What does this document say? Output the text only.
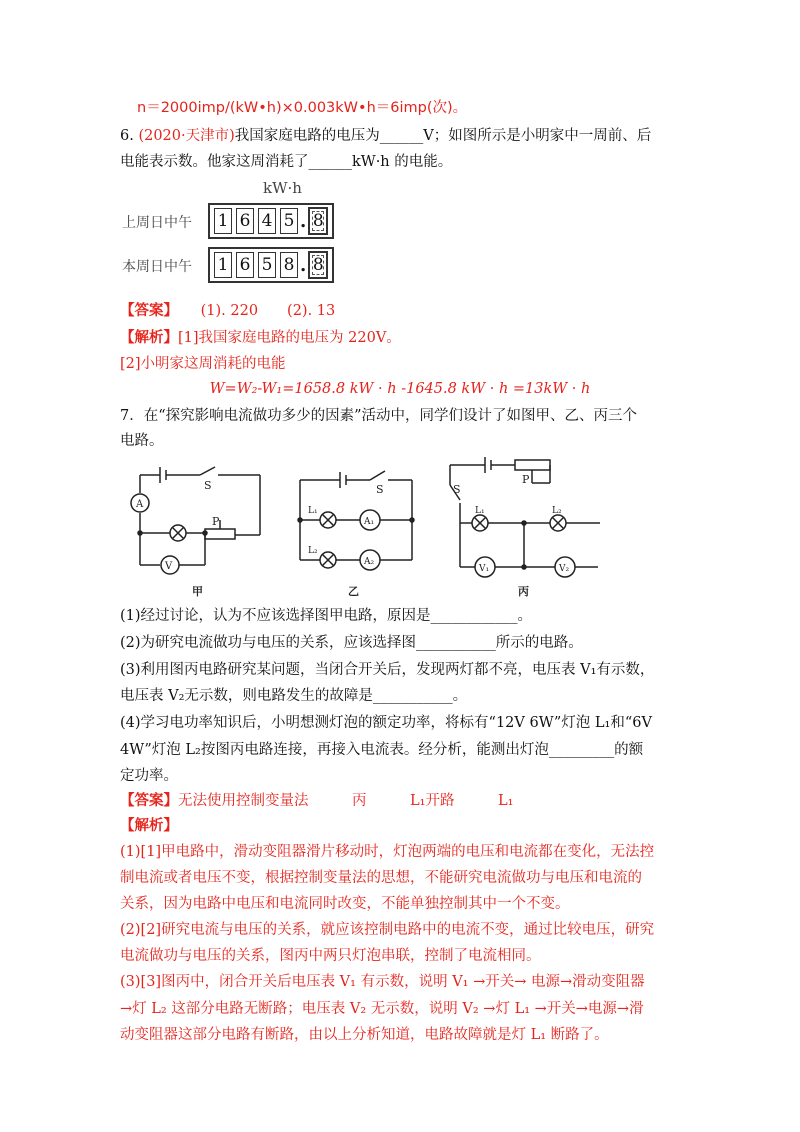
n＝2000imp/(kW•h)×0.003kW•h＝6imp(次)。
6. (2020·天津市)我国家庭电路的电压为______V；如图所示是小明家中一周前、后
电能表示数。他家这周消耗了______kW·h 的电能。
kW·h
上周日中午 1 6 4 5 . 8
本周日中午 1 6 5 8 . 8
【答案】 (1). 220　　(2). 13
【解析】[1]我国家庭电路的电压为 220V。
[2]小明家这周消耗的电能
W=W₂-W₁=1658.8 kW · h -1645.8 kW · h =13kW · h
7．在“探究影响电流做功多少的因素”活动中，同学们设计了如图甲、乙、丙三个
电路。
A
V
S
P
甲
S
L₁
L₂
A₁
A₂
乙
S
P
L₁	L₂
V₁	V₂
丙
(1)经过讨论，认为不应该选择图甲电路，原因是____________。
(2)为研究电流做功与电压的关系，应该选择图___________所示的电路。
(3)利用图丙电路研究某问题，当闭合开关后，发现两灯都不亮，电压表 V₁有示数，
电压表 V₂无示数，则电路发生的故障是___________。
(4)学习电功率知识后，小明想测灯泡的额定功率，将标有“12V 6W”灯泡 L₁和“6V
4W”灯泡 L₂按图丙电路连接，再接入电流表。经分析，能测出灯泡_________的额
定功率。
【答案】无法使用控制变量法　　　丙　　　L₁开路　　　L₁
【解析】
(1)[1]甲电路中，滑动变阻器滑片移动时，灯泡两端的电压和电流都在变化，无法控
制电流或者电压不变，根据控制变量法的思想，不能研究电流做功与电压和电流的
关系，因为电路中电压和电流同时改变，不能单独控制其中一个不变。
(2)[2]研究电流与电压的关系，就应该控制电路中的电流不变，通过比较电压，研究
电流做功与电压的关系，图丙中两只灯泡串联，控制了电流相同。
(3)[3]图丙中，闭合开关后电压表 V₁ 有示数，说明 V₁ →开关→ 电源→滑动变阻器
→灯 L₂ 这部分电路无断路；电压表 V₂ 无示数，说明 V₂ →灯 L₁ →开关→电源→滑
动变阻器这部分电路有断路，由以上分析知道，电路故障就是灯 L₁ 断路了。
